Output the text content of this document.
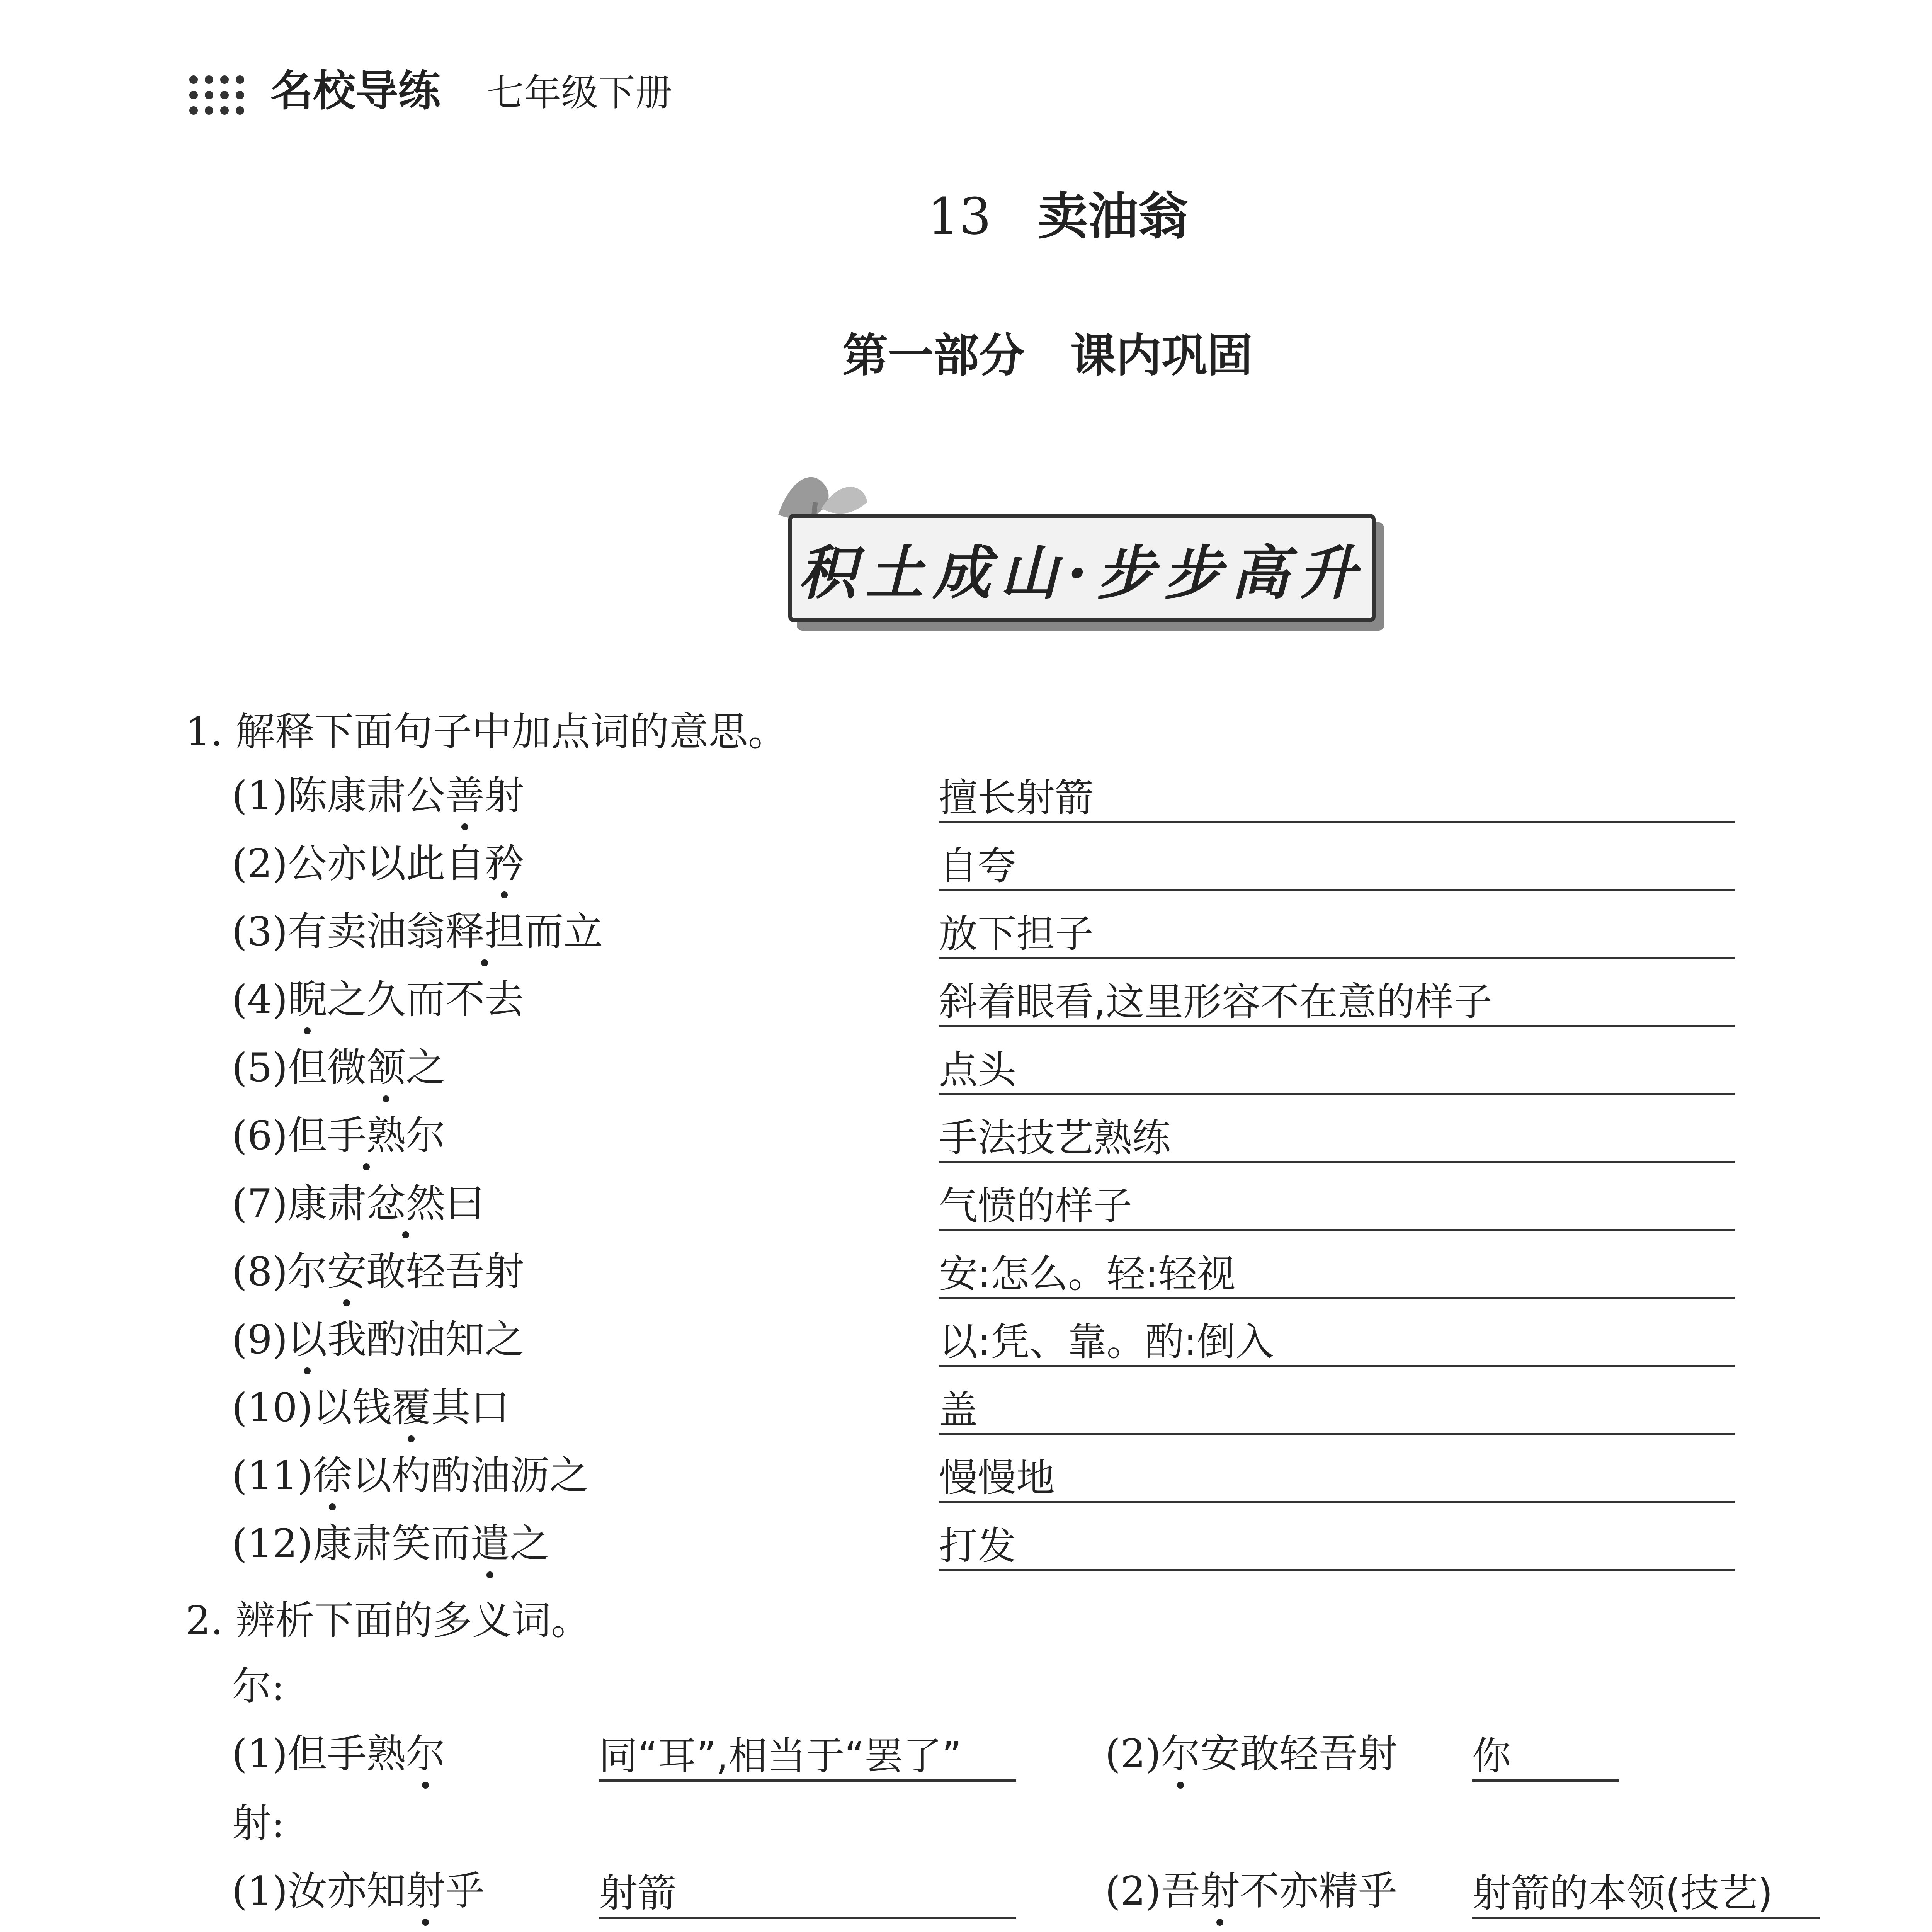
名校导练 七年级下册
13 卖油翁
第一部分　课内巩固
积土成山·步步高升
1. 解释下面句子中加点词的意思。
(1)陈康肃公善射	擅长射箭
(2)公亦以此自矜	自夸
(3)有卖油翁释担而立	放下担子
(4)睨之久而不去	斜着眼看,这里形容不在意的样子
(5)但微颔之	点头
(6)但手熟尔	手法技艺熟练
(7)康肃忿然曰	气愤的样子
(8)尔安敢轻吾射	安:怎么。轻:轻视
(9)以我酌油知之	以:凭、靠。酌:倒入
(10)以钱覆其口	盖
(11)徐以杓酌油沥之	慢慢地
(12)康肃笑而遣之	打发
2. 辨析下面的多义词。
尔:
(1)但手熟尔	同“耳”,相当于“罢了”	(2)尔安敢轻吾射 你
射:
(1)汝亦知射乎	射箭	(2)吾射不亦精乎 射箭的本领(技艺)
